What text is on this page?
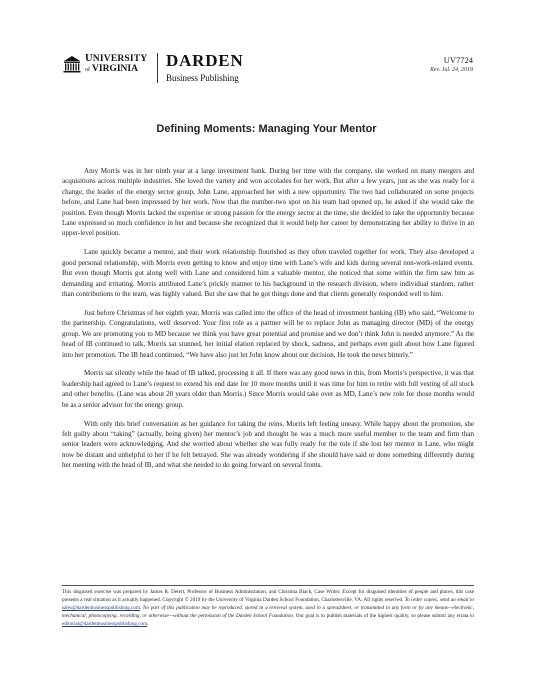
UNIVERSITY
of VIRGINIA	DARDEN
Business Publishing
UV7724
Rev. Jul. 24, 2019
Defining Moments: Managing Your Mentor

Amy Morris was in her ninth year at a large investment bank. During her time with the company, she worked on many mergers and acquisitions across multiple industries. She loved the variety and won accolades for her work. But after a few years, just as she was ready for a change, the leader of the energy sector group, John Lane, approached her with a new opportunity. The two had collaborated on some projects before, and Lane had been impressed by her work. Now that the number-two spot on his team had opened up, he asked if she would take the position. Even though Morris lacked the expertise or strong passion for the energy sector at the time, she decided to take the opportunity because Lane expressed so much confidence in her and because she recognized that it would help her career by demonstrating her ability to thrive in an upper-level position.

Lane quickly became a mentor, and their work relationship flourished as they often traveled together for work. They also developed a good personal relationship, with Morris even getting to know and enjoy time with Lane’s wife and kids during several non-work-related events. But even though Morris got along well with Lane and considered him a valuable mentor, she noticed that some within the firm saw him as demanding and irritating. Morris attributed Lane’s prickly manner to his background in the research division, where individual stardom, rather than contributions to the team, was highly valued. But she saw that he got things done and that clients generally responded well to him.

Just before Christmas of her eighth year, Morris was called into the office of the head of investment banking (IB) who said, “Welcome to the partnership. Congratulations, well deserved. Your first role as a partner will be to replace John as managing director (MD) of the energy group. We are promoting you to MD because we think you have great potential and promise and we don’t think John is needed anymore.” As the head of IB continued to talk, Morris sat stunned, her initial elation replaced by shock, sadness, and perhaps even guilt about how Lane figured into her promotion. The IB head continued, “We have also just let John know about our decision. He took the news bitterly.”

Morris sat silently while the head of IB talked, processing it all. If there was any good news in this, from Morris’s perspective, it was that leadership had agreed to Lane’s request to extend his end date for 10 more months until it was time for him to retire with full vesting of all stock and other benefits. (Lane was about 20 years older than Morris.) Since Morris would take over as MD, Lane’s new role for those months would be as a senior advisor for the energy group.

With only this brief conversation as her guidance for taking the reins, Morris left feeling uneasy. While happy about the promotion, she felt guilty about “taking” (actually, being given) her mentor’s job and thought he was a much more useful member to the team and firm than senior leaders were acknowledging. And she worried about whether she was fully ready for the role if she lost her mentor in Lane, who might now be distant and unhelpful to her if he felt betrayed. She was already wondering if she should have said or done something differently during her meeting with the head of IB, and what she needed to do going forward on several fronts.

This disguised exercise was prepared by James R. Detert, Professor of Business Administration, and Christina Black, Case Writer. Except for disguised identities of people and places, this case presents a real situation as it actually happened. Copyright © 2019 by the University of Virginia Darden School Foundation, Charlottesville, VA. All rights reserved. To order copies, send an email to sales@dardenbusinesspublishing.com. No part of this publication may be reproduced, stored in a retrieval system, used in a spreadsheet, or transmitted in any form or by any means—electronic, mechanical, photocopying, recording, or otherwise—without the permission of the Darden School Foundation. Our goal is to publish materials of the highest quality, so please submit any errata to editorial@dardenbusinesspublishing.com.
